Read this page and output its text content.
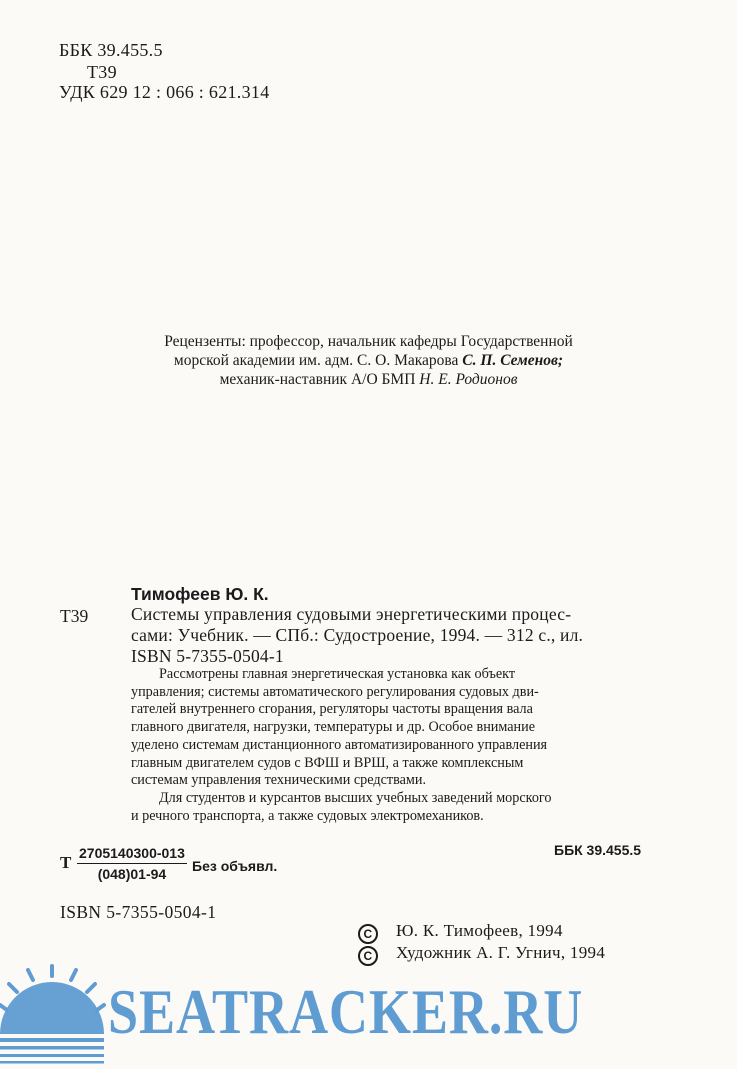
ББК 39.455.5
Т39
УДК 629 12 : 066 : 621.314

Рецензенты: профессор, начальник кафедры Государственной

морской академии им. адм. С. О. Макарова С. П. Семенов;

механик-наставник А/О БМП Н. Е. Родионов

Тимофеев Ю. К.
Т39 Системы управления судовыми энергетическими процес-
сами: Учебник. — СПб.: Судостроение, 1994. — 312 с., ил.
ISBN 5-7355-0504-1
Рассмотрены главная энергетическая установка как объект
управления; системы автоматического регулирования судовых дви-
гателей внутреннего сгорания, регуляторы частоты вращения вала
главного двигателя, нагрузки, температуры и др. Особое внимание
уделено системам дистанционного автоматизированного управления
главным двигателем судов с ВФШ и ВРШ, а также комплексным
системам управления техническими средствами.
Для студентов и курсантов высших учебных заведений морского
и речного транспорта, а также судовых электромехаников.
Т $\frac{2705140300-013}{(048)01-94}$ Без объявл.
ББК 39.455.5
ISBN 5-7355-0504-1
C Ю. К. Тимофеев, 1994
C Художник А. Г. Угнич, 1994
SEATRACKER.RU
